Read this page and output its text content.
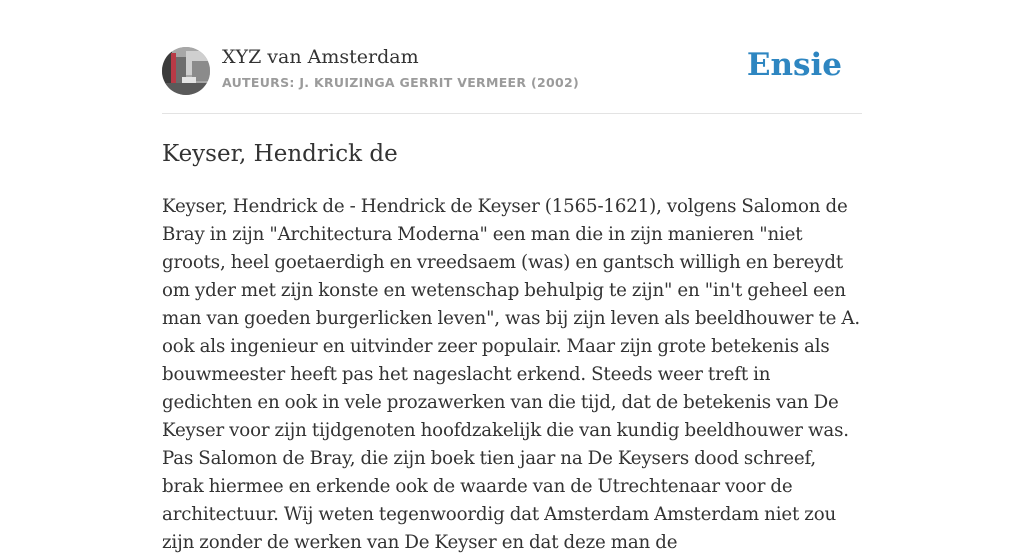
XYZ van Amsterdam
AUTEURS: J. KRUIZINGA GERRIT VERMEER (2002)	Ensie
Keyser, Hendrick de

Keyser, Hendrick de - Hendrick de Keyser (1565-1621), volgens Salomon de Bray in zijn "Architectura Moderna" een man die in zijn manieren "niet groots, heel goetaerdigh en vreedsaem (was) en gantsch willigh en bereydt om yder met zijn konste en wetenschap behulpig te zijn" en "in't geheel een man van goeden burgerlicken leven", was bij zijn leven als beeldhouwer te A. ook als ingenieur en uitvinder zeer populair. Maar zijn grote betekenis als bouwmeester heeft pas het nageslacht erkend. Steeds weer treft in gedichten en ook in vele prozawerken van die tijd, dat de betekenis van De Keyser voor zijn tijdgenoten hoofdzakelijk die van kundig beeldhouwer was. Pas Salomon de Bray, die zijn boek tien jaar na De Keysers dood schreef, brak hiermee en erkende ook de waarde van de Utrechtenaar voor de architectuur. Wij weten tegenwoordig dat Amsterdam Amsterdam niet zou zijn zonder de werken van De Keyser en dat deze man de
